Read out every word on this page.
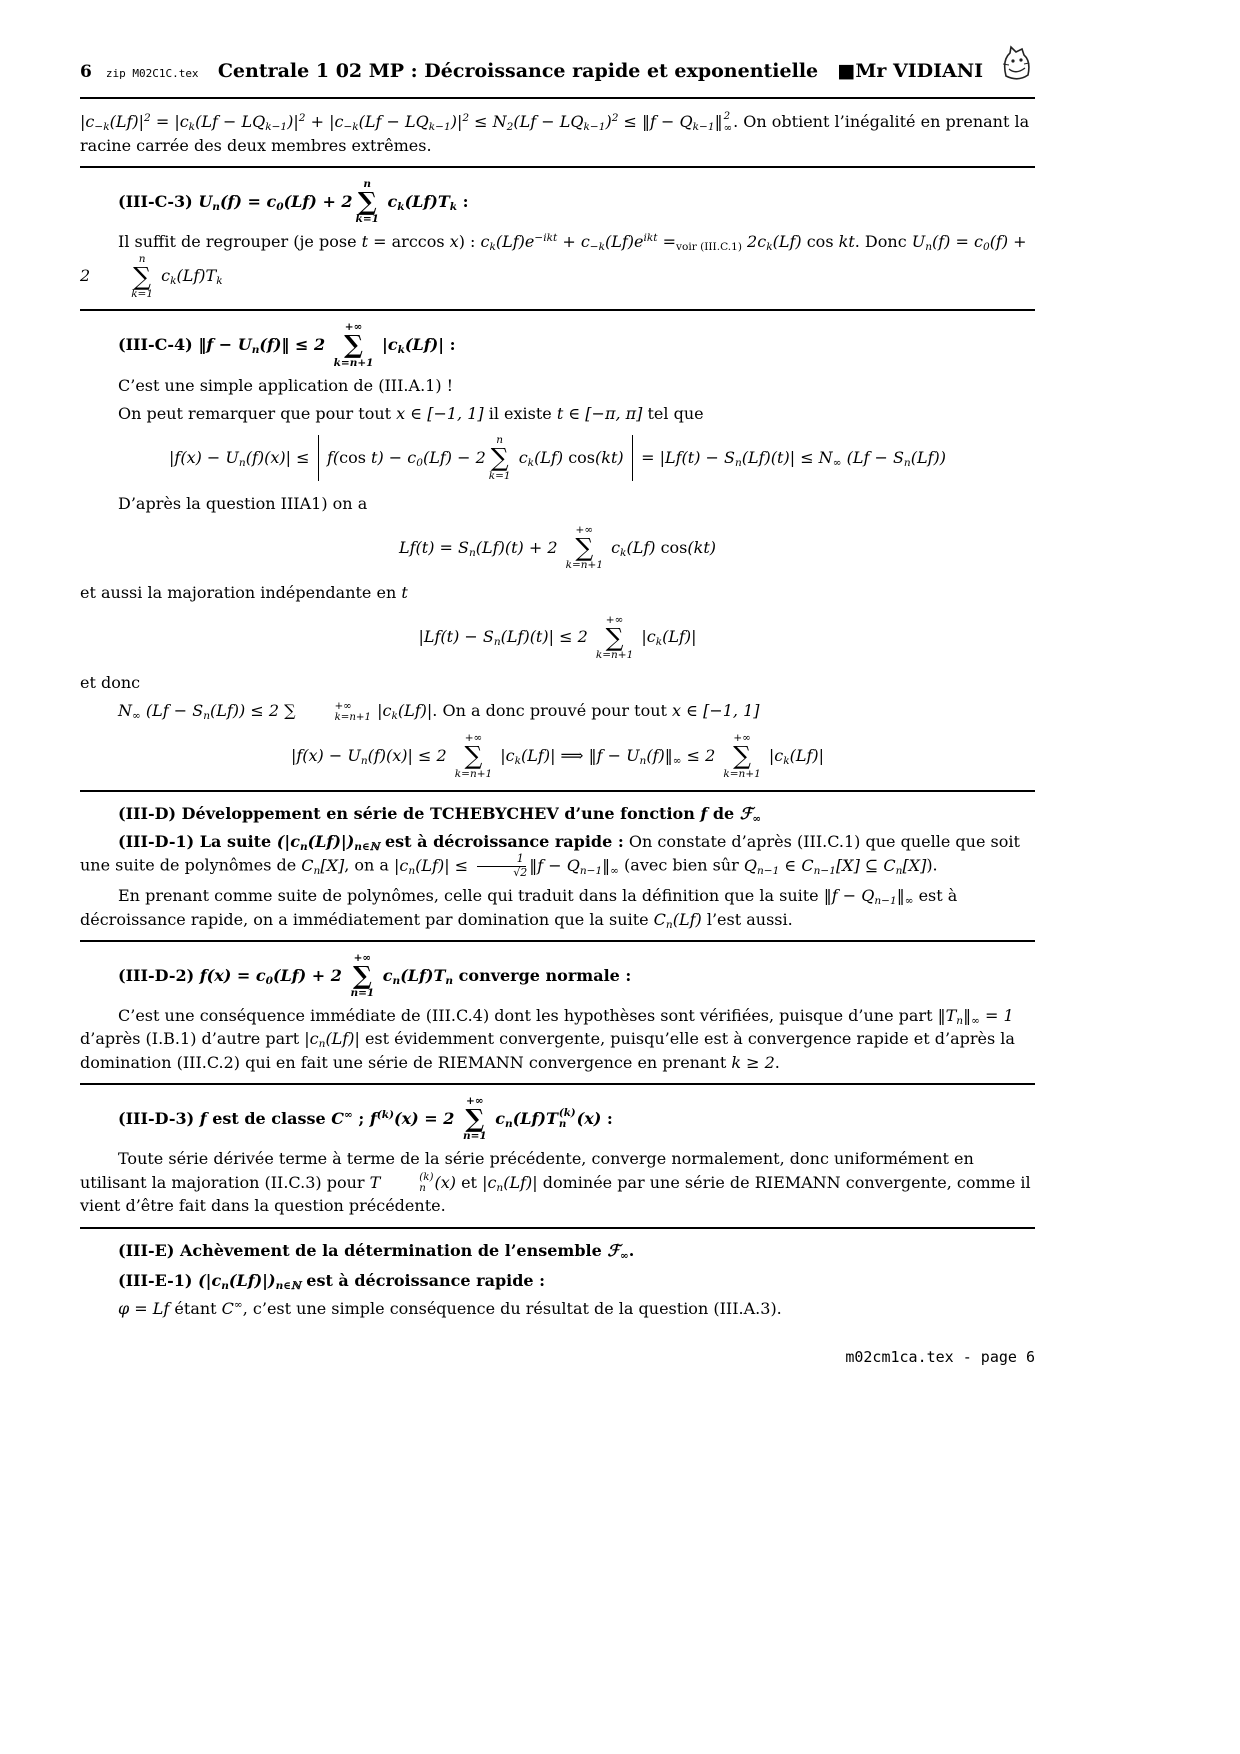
6 zip M02C1C.tex Centrale 1 02 MP : Décroissance rapide et exponentielle ■Mr VIDIANI
$|c_{-k}(Lf)|^2 = |c_k(Lf - LQ_{k-1})|^2 + |c_{-k}(Lf - LQ_{k-1})|^2 \le N_2(Lf - LQ_{k-1})^2$ ≤ ‖f − $Q_{k-1}‖$ 2
∞ . On obtient l’inégalité en prenant la racine carrée des deux membres extrêmes.
(III-C-3) $U_n(f) = c_0(Lf) + 2$
n
∑
k=1
$c_k(Lf)T_k$ :
Il suffit de regrouper (je pose t = arccos x) : $c_k(Lf)e^{-ikt} + c_{-k}(Lf)e^{ikt} =_{voir (III.C.1)}$ $2c_k(Lf)$ cos kt. Donc $U_n(f) = c_0(f) + 2$
n
∑
k=1
$c_k(Lf)T_k$
(III-C-4) ‖f − $U_n(f)‖ \le 2$
+∞
∑
k=n+1
$|c_k(Lf)|$ :
C’est une simple application de (III.A.1) !
On peut remarquer que pour tout x ∈ [−1, 1] il existe t ∈ [−π, π] tel que
$|f(x) - U_n(f)(x)| \le f(\cos$ $t) - c_0(Lf) - 2$
n
∑
k=1
$c_k(Lf) \cos(kt) = |Lf(t) - S_n(Lf)(t)| \le N_\infty$ $(Lf - S_n(Lf))$
D’après la question IIIA1) on a
$Lf(t) = S_n(Lf)(t) + 2$
+∞
∑
k=n+1
$c_k(Lf)$ cos(kt)
et aussi la majoration indépendante en t
$|Lf(t) - S_n(Lf)(t)| \le 2$
+∞
∑
k=n+1
$|c_k(Lf)|$
et donc
$N_\infty$ $(Lf - S_n(Lf)) \le 2$ ∑	+∞
k=n+1 $|c_k(Lf)|$. On a donc prouvé pour tout x ∈ [−1, 1]
$|f(x) - U_n(f)(x)| \le 2$
+∞
∑
k=n+1
$|c_k(Lf)|$ ⟹ ‖f − $U_n(f)‖_\infty \le 2$
+∞
∑
k=n+1
$|c_k(Lf)|$
(III-D) Développement en série de TCHEBYCHEV d’une fonction f de ℱ$_\infty$
(III-D-1) La suite $(|c_n(Lf)|)_{n\in ℕ}$ est à décroissance rapide : On constate d’après (III.C.1) que quelle que soit une suite de polynômes de $C_n[X]$, on a $|c_n(Lf)| \le \frac{1}{√2}$ ‖f − $Q_{n-1}‖_\infty$ (avec bien sûr $Q_{n-1}$ ∈ $C_{n-1}[X]$ ⊆ $C_n[X]$).
En prenant comme suite de polynômes, celle qui traduit dans la définition que la suite ‖f − $Q_{n-1}‖_\infty$ est à décroissance rapide, on a immédiatement par domination que la suite $C_n(Lf)$ l’est aussi.
(III-D-2) $f(x) = c_0(Lf) + 2$
+∞
∑
n=1
$c_n(Lf)T_n$ converge normale :
C’est une conséquence immédiate de (III.C.4) dont les hypothèses sont vérifiées, puisque d’une part $‖T_n‖_\infty = 1$ d’après (I.B.1) d’autre part $|c_n(Lf)|$ est évidemment convergente, puisqu’elle est à convergence rapide et d’après la domination (III.C.2) qui en fait une série de RIEMANN convergence en prenant k ≥ 2.
(III-D-3) f est de classe C∞ ; $f^{(k)}(x) = 2$
+∞
∑
n=1
$c_n(Lf)T$ (k)
n (x) :
Toute série dérivée terme à terme de la série précédente, converge normalement, donc uniformément en utilisant la majoration (II.C.3) pour T	(k)
n (x) et $|c_n(Lf)|$ dominée par une série de RIEMANN convergente, comme il vient d’être fait dans la question précédente.
(III-E) Achèvement de la détermination de l’ensemble ℱ$_\infty$.
(III-E-1) $(|c_n(Lf)|)_{n\in ℕ}$ est à décroissance rapide :
φ = Lf étant C∞, c’est une simple conséquence du résultat de la question (III.A.3).
m02cm1ca.tex - page 6
